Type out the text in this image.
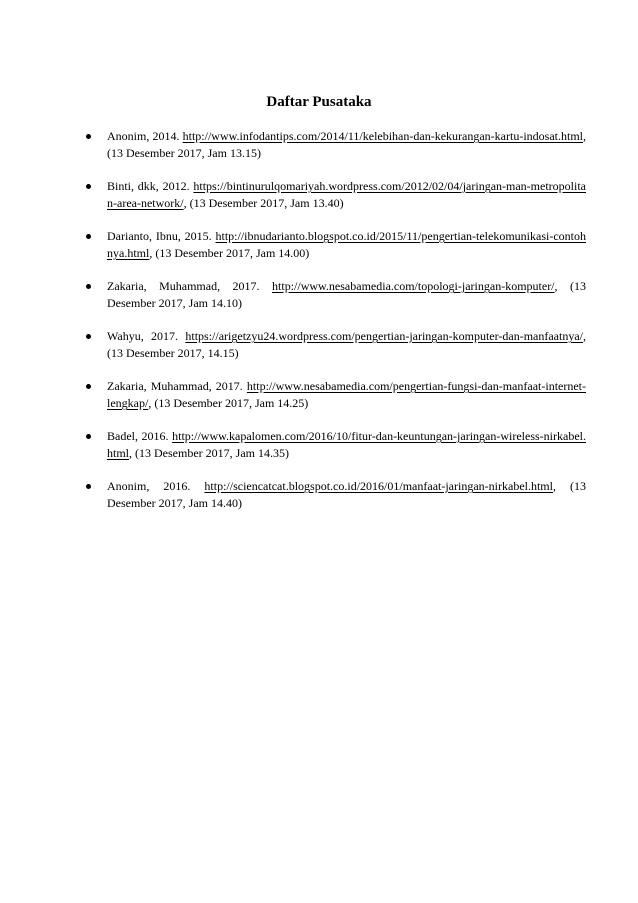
Daftar Pusataka
Anonim, 2014. http://www.infodantips.com/2014/11/kelebihan-dan-kekurangan-kartu-indosat.html, (13 Desember 2017, Jam 13.15)
Binti, dkk, 2012. https://bintinurulqomariyah.wordpress.com/2012/02/04/jaringan-man-metropolitan-area-network/, (13 Desember 2017, Jam 13.40)
Darianto, Ibnu, 2015. http://ibnudarianto.blogspot.co.id/2015/11/pengertian-telekomunikasi-contohnya.html, (13 Desember 2017, Jam 14.00)
Zakaria, Muhammad, 2017. http://www.nesabamedia.com/topologi-jaringan-komputer/, (13 Desember 2017, Jam 14.10)
Wahyu, 2017. https://arigetzyu24.wordpress.com/pengertian-jaringan-komputer-dan-manfaatnya/, (13 Desember 2017, 14.15)
Zakaria, Muhammad, 2017. http://www.nesabamedia.com/pengertian-fungsi-dan-manfaat-internet-lengkap/, (13 Desember 2017, Jam 14.25)
Badel, 2016. http://www.kapalomen.com/2016/10/fitur-dan-keuntungan-jaringan-wireless-nirkabel.html, (13 Desember 2017, Jam 14.35)
Anonim, 2016. http://sciencatcat.blogspot.co.id/2016/01/manfaat-jaringan-nirkabel.html, (13 Desember 2017, Jam 14.40)
